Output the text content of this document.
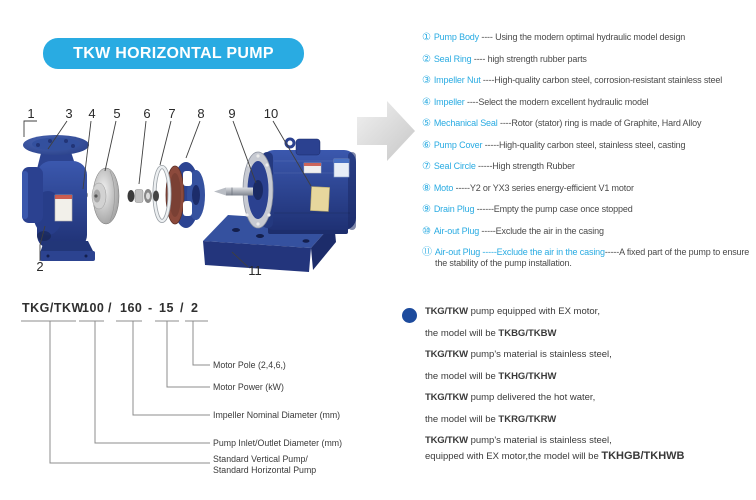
TKW HORIZONTAL PUMP
1 3 4 5 6 7 8 9 10
2	11
① Pump Body ---- Using the modern optimal hydraulic model design
② Seal Ring ---- high strength rubber parts
③ Impeller Nut ----High-quality carbon steel, corrosion-resistant stainless steel
④ Impeller ----Select the modern excellent hydraulic model
⑤ Mechanical Seal ----Rotor (stator) ring is made of Graphite, Hard Alloy
⑥ Pump Cover -----High-quality carbon steel, stainless steel, casting
⑦ Seal Circle -----High strength Rubber
⑧ Moto -----Y2 or YX3 series energy-efficient V1 motor
⑨ Drain Plug ------Empty the pump case once stopped
⑩ Air-out Plug -----Exclude the air in the casing
⑪ Air-out Plug -----Exclude the air in the casing-----A fixed part of the pump to ensure the stability of the pump installation.
TKG/TKW
100 / 160 - 15 / 2
Motor Pole (2,4,6,)
Motor Power (kW)
Impeller Nominal Diameter (mm)
Pump Inlet/Outlet Diameter (mm)
Standard Vertical Pump/
Standard Horizontal Pump
TKG/TKW pump equipped with EX motor,
the model will be TKBG/TKBW
TKG/TKW pump's material is stainless steel,
the model will be TKHG/TKHW
TKG/TKW pump delivered the hot water,
the model will be TKRG/TKRW
TKG/TKW pump's material is stainless steel,
equipped with EX motor,the model will be TKHGB/TKHWB
